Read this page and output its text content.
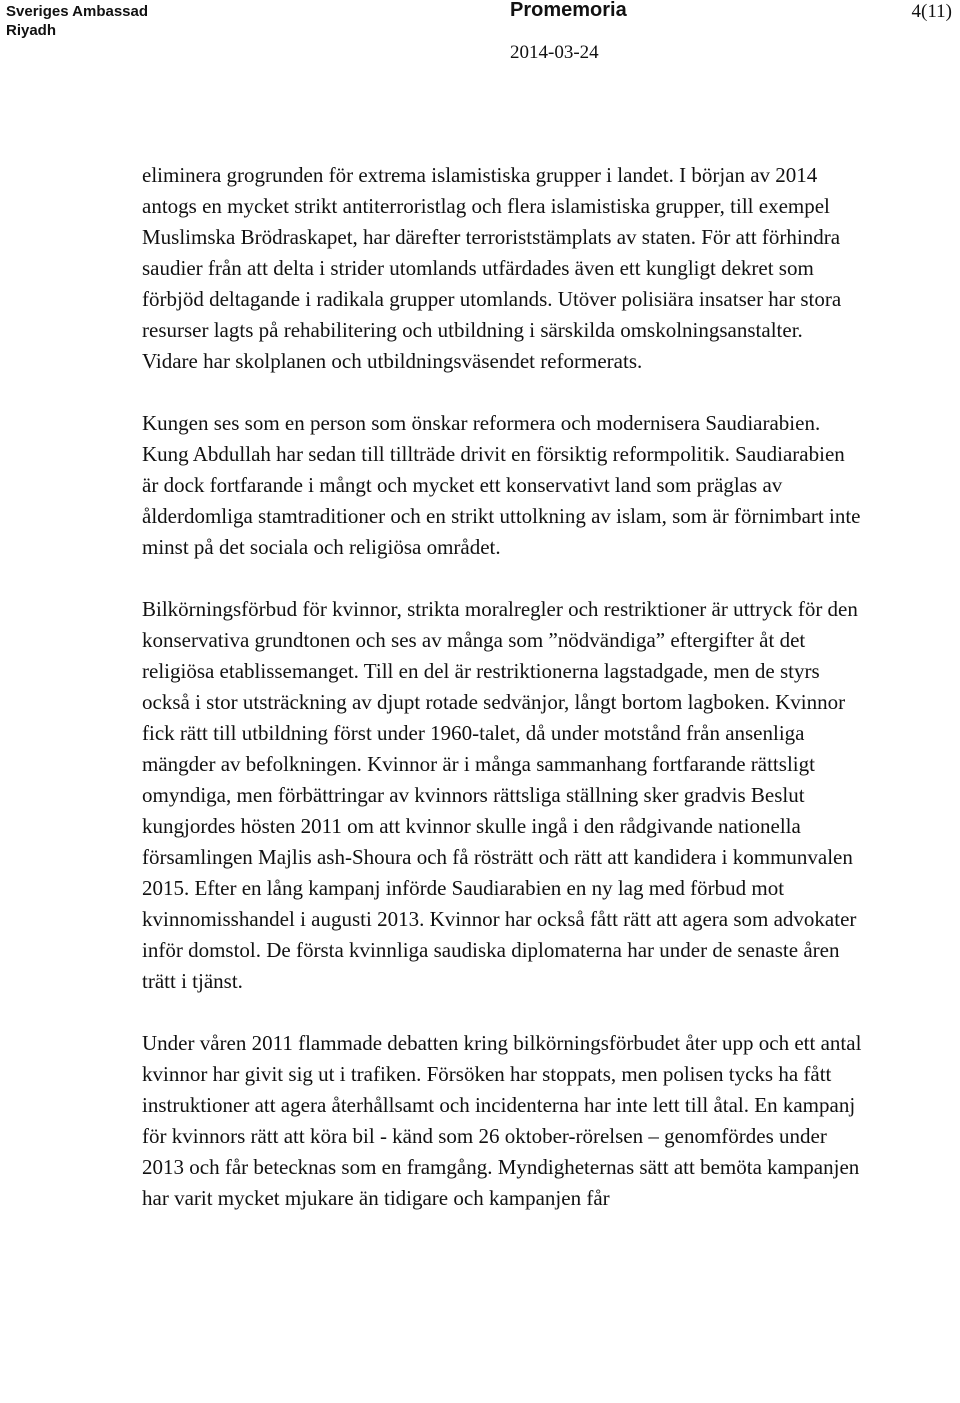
Sveriges Ambassad
Riyadh
Promemoria	4(11)
2014-03-24

eliminera grogrunden för extrema islamistiska grupper i landet. I början av 2014 antogs en mycket strikt antiterroristlag och flera islamistiska grupper, till exempel Muslimska Brödraskapet, har därefter terroriststämplats av staten. För att förhindra saudier från att delta i strider utomlands utfärdades även ett kungligt dekret som förbjöd deltagande i radikala grupper utomlands. Utöver polisiära insatser har stora resurser lagts på rehabilitering och utbildning i särskilda omskolningsanstalter. Vidare har skolplanen och utbildningsväsendet reformerats.

Kungen ses som en person som önskar reformera och modernisera Saudiarabien. Kung Abdullah har sedan till tillträde drivit en försiktig reformpolitik. Saudiarabien är dock fortfarande i mångt och mycket ett konservativt land som präglas av ålderdomliga stamtraditioner och en strikt uttolkning av islam, som är förnimbart inte minst på det sociala och religiösa området.

Bilkörningsförbud för kvinnor, strikta moralregler och restriktioner är uttryck för den konservativa grundtonen och ses av många som ”nödvändiga” eftergifter åt det religiösa etablissemanget. Till en del är restriktionerna lagstadgade, men de styrs också i stor utsträckning av djupt rotade sedvänjor, långt bortom lagboken. Kvinnor fick rätt till utbildning först under 1960-talet, då under motstånd från ansenliga mängder av befolkningen. Kvinnor är i många sammanhang fortfarande rättsligt omyndiga, men förbättringar av kvinnors rättsliga ställning sker gradvis Beslut kungjordes hösten 2011 om att kvinnor skulle ingå i den rådgivande nationella församlingen Majlis ash-Shoura och få rösträtt och rätt att kandidera i kommunvalen 2015. Efter en lång kampanj införde Saudiarabien en ny lag med förbud mot kvinnomisshandel i augusti 2013. Kvinnor har också fått rätt att agera som advokater inför domstol. De första kvinnliga saudiska diplomaterna har under de senaste åren trätt i tjänst.

Under våren 2011 flammade debatten kring bilkörningsförbudet åter upp och ett antal kvinnor har givit sig ut i trafiken. Försöken har stoppats, men polisen tycks ha fått instruktioner att agera återhållsamt och incidenterna har inte lett till åtal. En kampanj för kvinnors rätt att köra bil - känd som 26 oktober-rörelsen – genomfördes under 2013 och får betecknas som en framgång. Myndigheternas sätt att bemöta kampanjen har varit mycket mjukare än tidigare och kampanjen får
